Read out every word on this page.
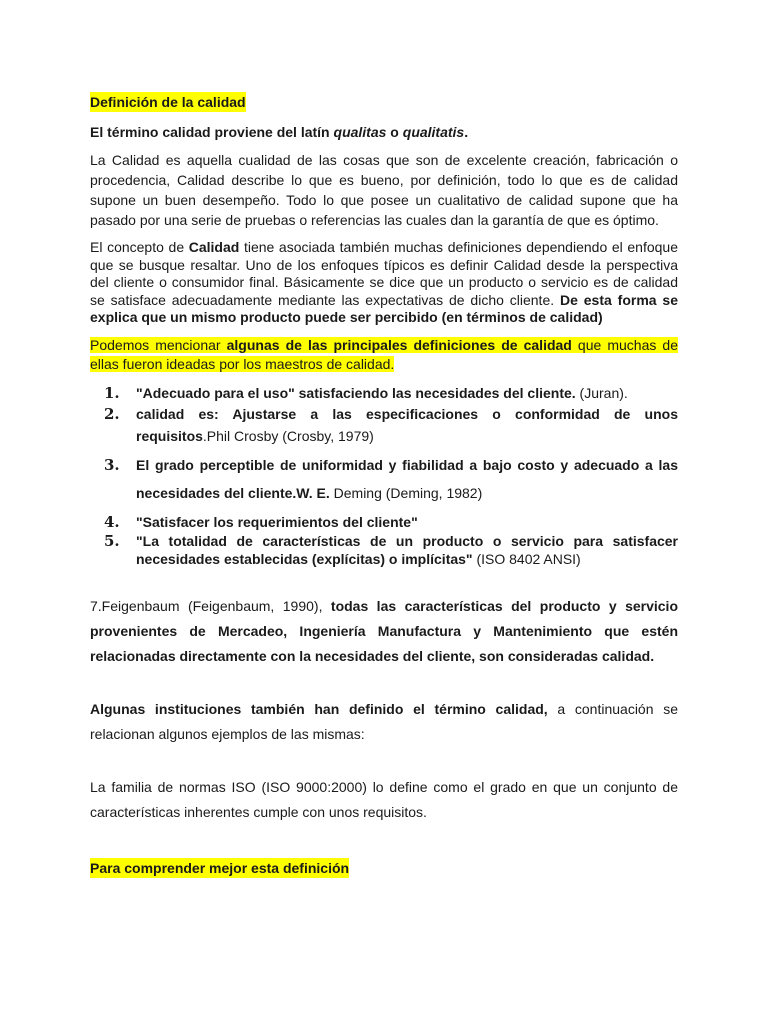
Definición de la calidad

El término calidad proviene del latín qualitas o qualitatis.

La Calidad es aquella cualidad de las cosas que son de excelente creación, fabricación o procedencia, Calidad describe lo que es bueno, por definición, todo lo que es de calidad supone un buen desempeño. Todo lo que posee un cualitativo de calidad supone que ha pasado por una serie de pruebas o referencias las cuales dan la garantía de que es óptimo.

El concepto de Calidad tiene asociada también muchas definiciones dependiendo el enfoque que se busque resaltar. Uno de los enfoques típicos es definir Calidad desde la perspectiva del cliente o consumidor final. Básicamente se dice que un producto o servicio es de calidad se satisface adecuadamente mediante las expectativas de dicho cliente. De esta forma se explica que un mismo producto puede ser percibido (en términos de calidad)

Podemos mencionar algunas de las principales definiciones de calidad que muchas de ellas fueron ideadas por los maestros de calidad.

1. "Adecuado para el uso" satisfaciendo las necesidades del cliente. (Juran).
2. calidad es: Ajustarse a las especificaciones o conformidad de unos requisitos.Phil Crosby (Crosby, 1979)
3. El grado perceptible de uniformidad y fiabilidad a bajo costo y adecuado a las necesidades del cliente.W. E. Deming (Deming, 1982)
4. "Satisfacer los requerimientos del cliente"
5. "La totalidad de características de un producto o servicio para satisfacer necesidades establecidas (explícitas) o implícitas" (ISO 8402 ANSI)

7.Feigenbaum (Feigenbaum, 1990), todas las características del producto y servicio provenientes de Mercadeo, Ingeniería Manufactura y Mantenimiento que estén relacionadas directamente con la necesidades del cliente, son consideradas calidad.

Algunas instituciones también han definido el término calidad, a continuación se relacionan algunos ejemplos de las mismas:

La familia de normas ISO (ISO 9000:2000) lo define como el grado en que un conjunto de características inherentes cumple con unos requisitos.

Para comprender mejor esta definición
